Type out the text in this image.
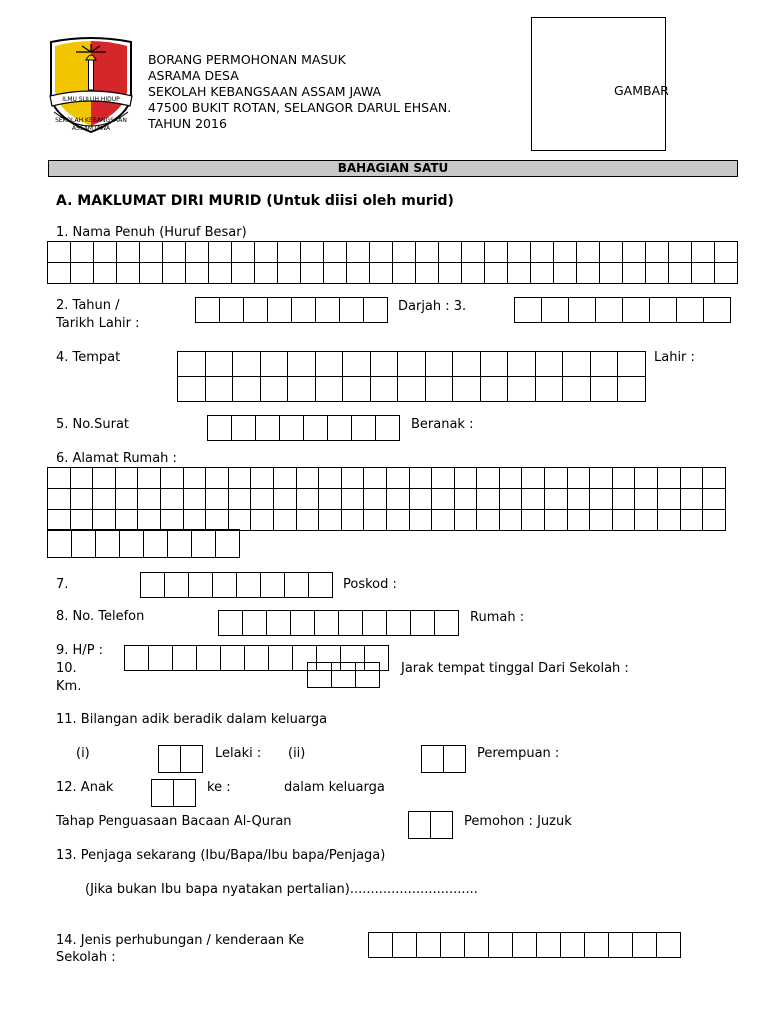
ILMU SULUH HIDUP
SEKOLAH KEBANGSAAN
ASSAM JAWA
BORANG PERMOHONAN MASUK
ASRAMA DESA
SEKOLAH KEBANGSAAN ASSAM JAWA
47500 BUKIT ROTAN, SELANGOR DARUL EHSAN.
TAHUN 2016
GAMBAR
BAHAGIAN SATU
A. MAKLUMAT DIRI MURID (Untuk diisi oleh murid)
1. Nama Penuh (Huruf Besar)
2. Tahun /
Tarikh Lahir :
Darjah : 3.
4. Tempat	Lahir :
5. No.Surat	Beranak :
6. Alamat Rumah :
7.	Poskod :
8. No. Telefon	Rumah :
9. H/P :
10.
Km.
Jarak tempat tinggal Dari Sekolah :
11. Bilangan adik beradik dalam keluarga
(i)	Lelaki : (ii)	Perempuan :
12. Anak	ke :	dalam keluarga
Tahap Penguasaan Bacaan Al-Quran	Pemohon : Juzuk
13. Penjaga sekarang (Ibu/Bapa/Ibu bapa/Penjaga)
(Jika bukan Ibu bapa nyatakan pertalian)...............................
14. Jenis perhubungan / kenderaan Ke
Sekolah :
